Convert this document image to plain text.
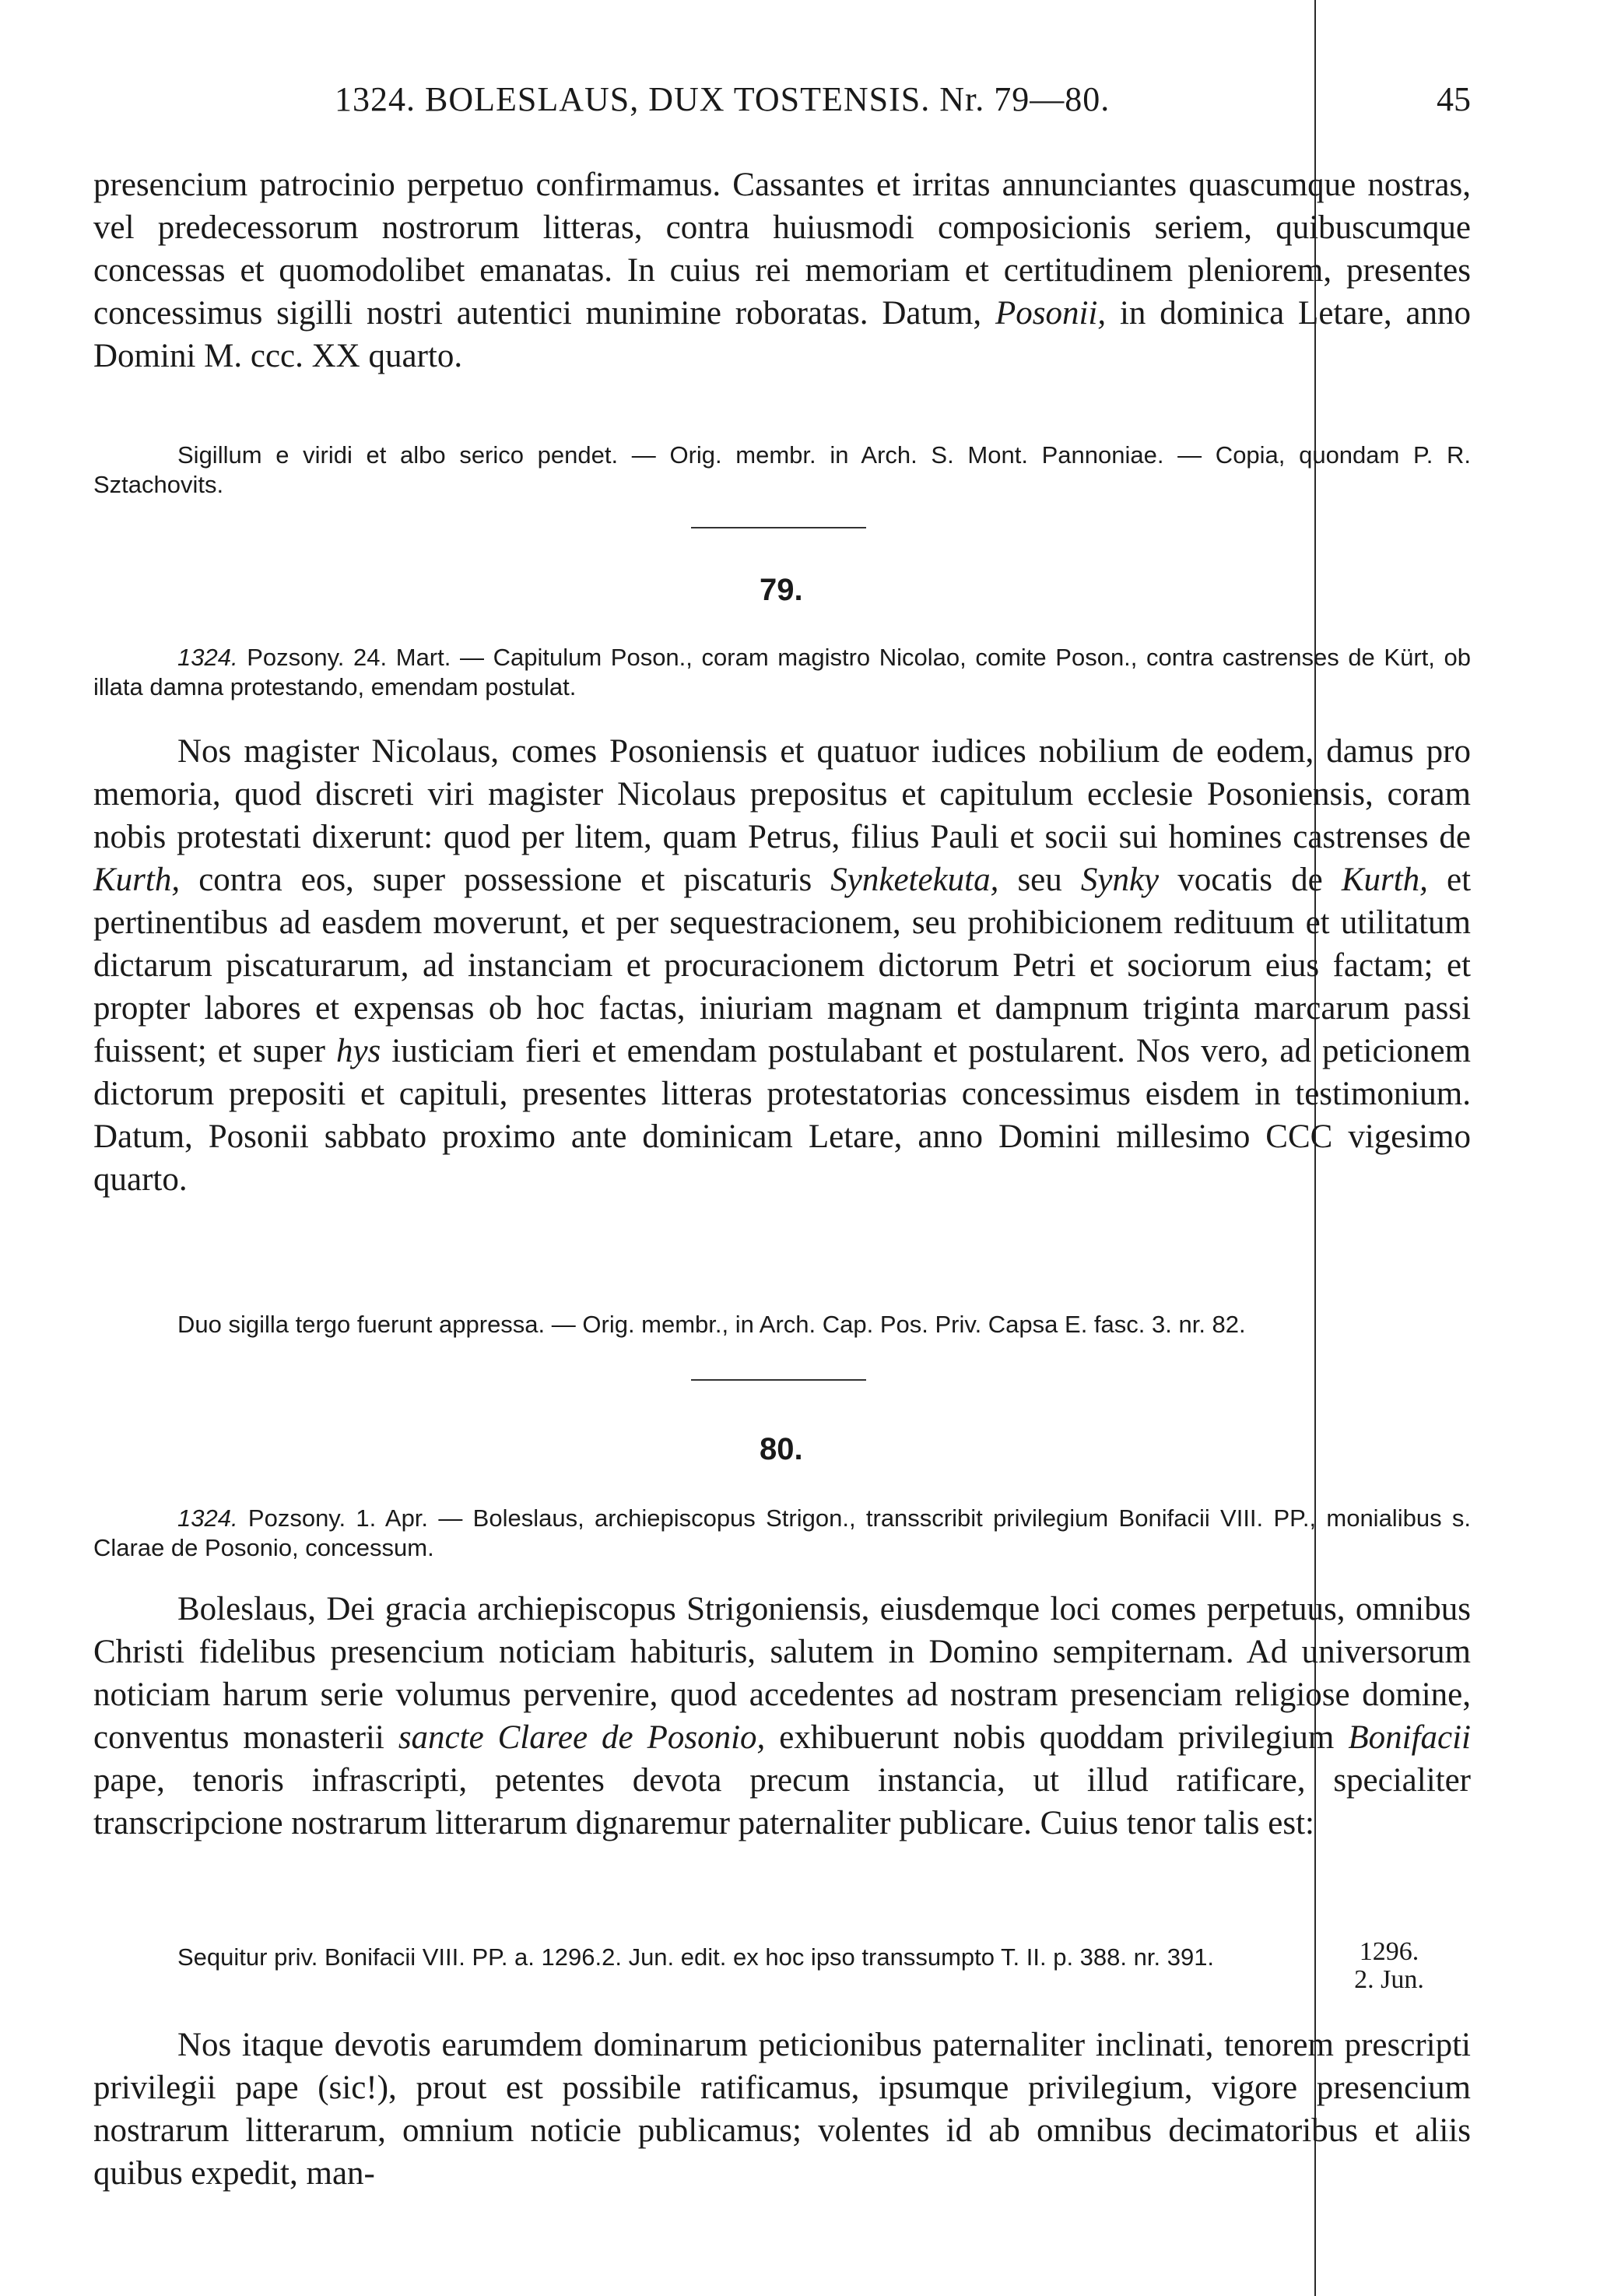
1324. BOLESLAUS, DUX TOSTENSIS. Nr. 79—80.	45
presencium patrocinio perpetuo confirmamus. Cassantes et irritas annunciantes quascumque nostras, vel predecessorum nostrorum litteras, contra huiusmodi composicionis seriem, quibuscumque concessas et quomodolibet emanatas. In cuius rei memoriam et certitudinem pleniorem, presentes concessimus sigilli nostri autentici munimine roboratas. Datum, Posonii, in dominica Letare, anno Domini M. ccc. XX quarto.
Sigillum e viridi et albo serico pendet. — Orig. membr. in Arch. S. Mont. Pannoniae. — Copia, quondam P. R. Sztachovits.
79.
1324. Pozsony. 24. Mart. — Capitulum Poson., coram magistro Nicolao, comite Poson., contra castrenses de Kürt, ob illata damna protestando, emendam postulat.
Nos magister Nicolaus, comes Posoniensis et quatuor iudices nobilium de eodem, damus pro memoria, quod discreti viri magister Nicolaus prepositus et capitulum ecclesie Posoniensis, coram nobis protestati dixerunt: quod per litem, quam Petrus, filius Pauli et socii sui homines castrenses de Kurth, contra eos, super possessione et piscaturis Synketekuta, seu Synky vocatis de Kurth, et pertinentibus ad easdem moverunt, et per sequestracionem, seu prohibicionem redituum et utilitatum dictarum piscaturarum, ad instanciam et procuracionem dictorum Petri et sociorum eius factam; et propter labores et expensas ob hoc factas, iniuriam magnam et dampnum triginta marcarum passi fuissent; et super hys iusticiam fieri et emendam postulabant et postularent. Nos vero, ad peticionem dictorum prepositi et capituli, presentes litteras protestatorias concessimus eisdem in testimonium. Datum, Posonii sabbato proximo ante dominicam Letare, anno Domini millesimo CCC vigesimo quarto.
Duo sigilla tergo fuerunt appressa. — Orig. membr., in Arch. Cap. Pos. Priv. Capsa E. fasc. 3. nr. 82.
80.
1324. Pozsony. 1. Apr. — Boleslaus, archiepiscopus Strigon., transscribit privilegium Bonifacii VIII. PP., monialibus s. Clarae de Posonio, concessum.
Boleslaus, Dei gracia archiepiscopus Strigoniensis, eiusdemque loci comes perpetuus, omnibus Christi fidelibus presencium noticiam habituris, salutem in Domino sempiternam. Ad universorum noticiam harum serie volumus pervenire, quod accedentes ad nostram presenciam religiose domine, conventus monasterii sancte Claree de Posonio, exhibuerunt nobis quoddam privilegium Bonifacii pape, tenoris infrascripti, petentes devota precum instancia, ut illud ratificare, specialiter transcripcione nostrarum litterarum dignaremur paternaliter publicare. Cuius tenor talis est:
Sequitur priv. Bonifacii VIII. PP. a. 1296.2. Jun. edit. ex hoc ipso transsumpto T. II. p. 388. nr. 391.	1296.
2. Jun.
Nos itaque devotis earumdem dominarum peticionibus paternaliter inclinati, tenorem prescripti privilegii pape (sic!), prout est possibile ratificamus, ipsumque privilegium, vigore presencium nostrarum litterarum, omnium noticie publicamus; volentes id ab omnibus decimatoribus et aliis quibus expedit, man-
